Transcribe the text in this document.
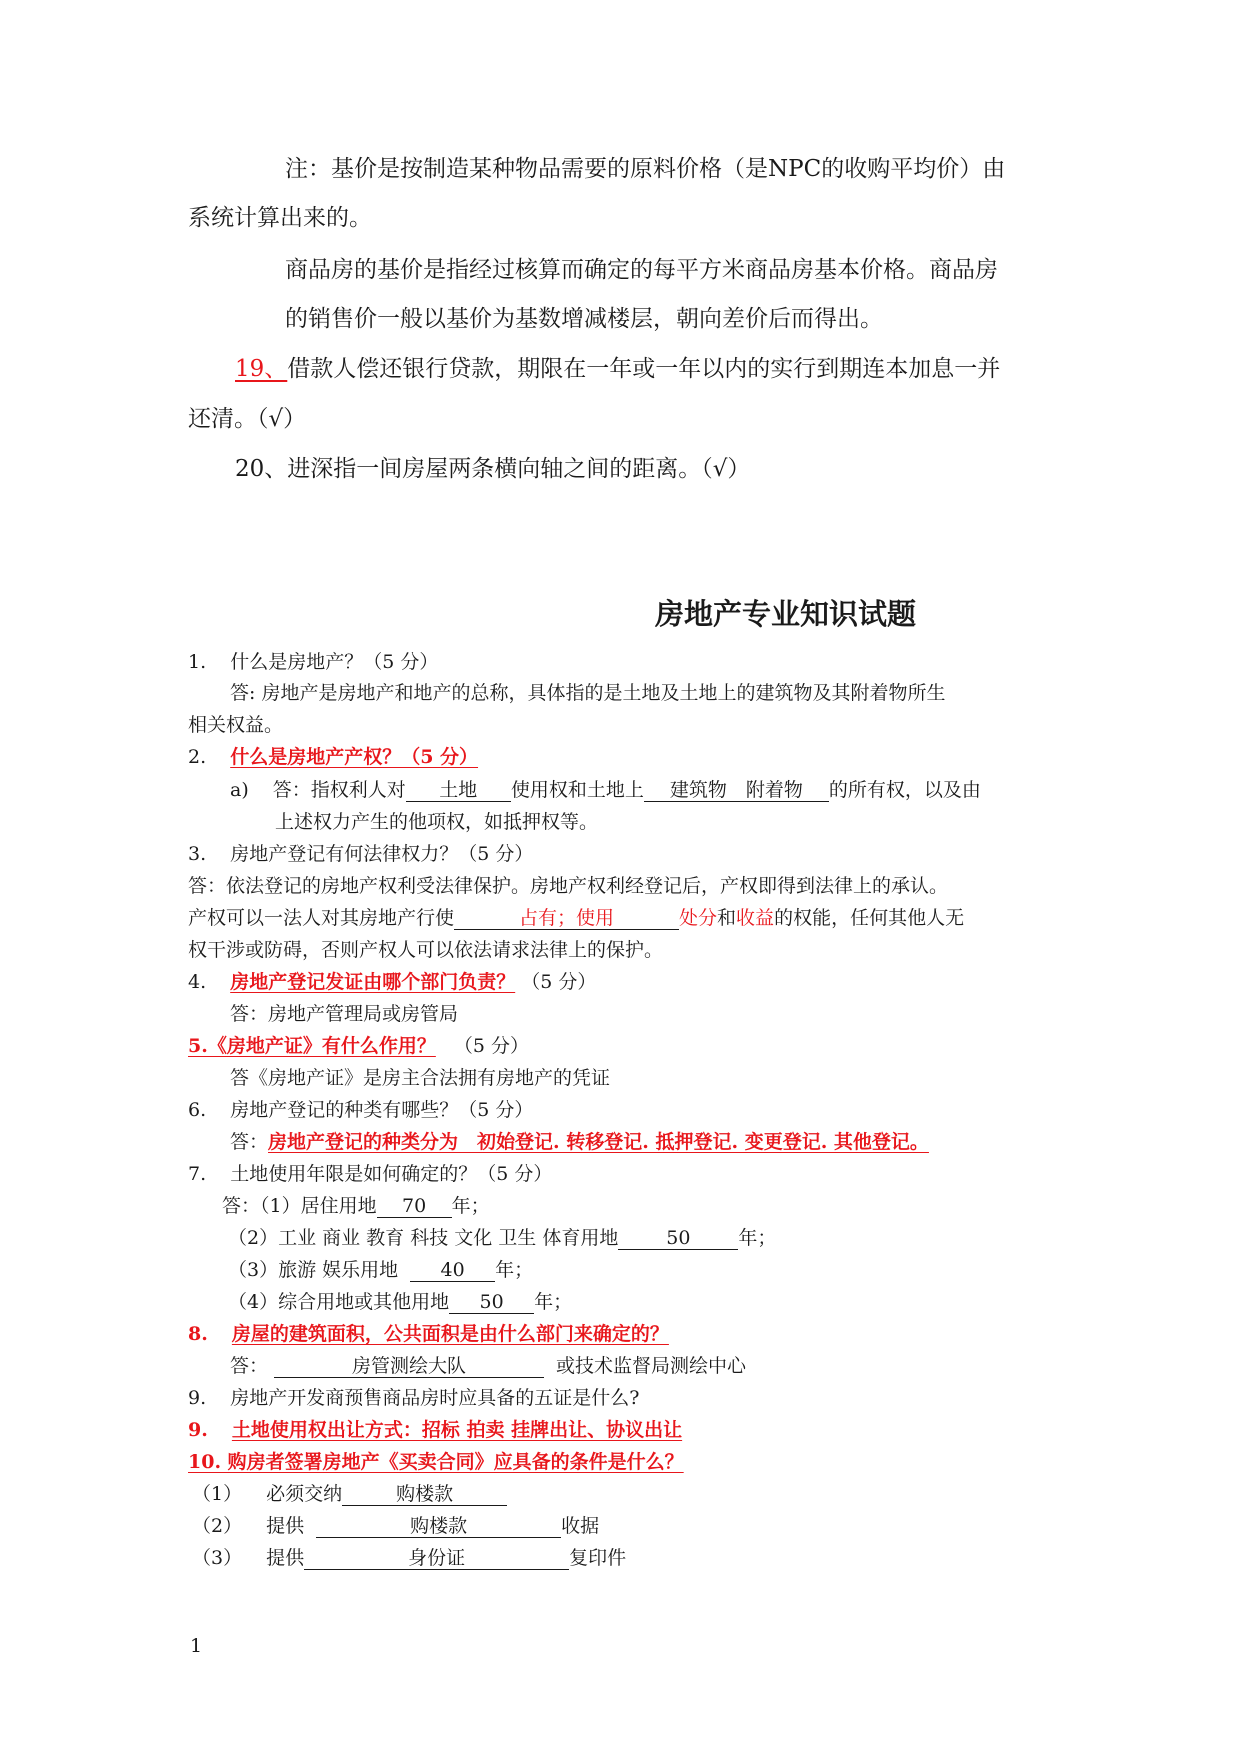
注：基价是按制造某种物品需要的原料价格（是NPC的收购平均价）由
系统计算出来的。
商品房的基价是指经过核算而确定的每平方米商品房基本价格。商品房
的销售价一般以基价为基数增减楼层，朝向差价后而得出。
19、借款人偿还银行贷款，期限在一年或一年以内的实行到期连本加息一并
还清。（√）
20、进深指一间房屋两条横向轴之间的距离。（√）
房地产专业知识试题
1. 什么是房地产？（5 分）
答: 房地产是房地产和地产的总称，具体指的是土地及土地上的建筑物及其附着物所生
相关权益。
2. 什么是房地产产权？（5 分）
a) 答：指权利人对 土地 使用权和土地上 建筑物　附着物 的所有权，以及由
上述权力产生的他项权，如抵押权等。
3. 房地产登记有何法律权力？（5 分）
答：依法登记的房地产权利受法律保护。房地产权利经登记后，产权即得到法律上的承认。
产权可以一法人对其房地产行使	占有；使用	处分和收益的权能，任何其他人无
权干涉或防碍，否则产权人可以依法请求法律上的保护。
4. 房地产登记发证由哪个部门负责？ （5 分）
答：房地产管理局或房管局
5.《房地产证》有什么作用？ （5 分）
答《房地产证》是房主合法拥有房地产的凭证
6. 房地产登记的种类有哪些？（5 分）
答：房地产登记的种类分为　初始登记. 转移登记. 抵押登记. 变更登记. 其他登记。
7. 土地使用年限是如何确定的？（5 分）
答：（1）居住用地 70 年；
（2）工业 商业 教育 科技 文化 卫生 体育用地	50	年；
（3）旅游 娱乐用地 40 年；
（4）综合用地或其他用地 50 年；
8. 房屋的建筑面积，公共面积是由什么部门来确定的？
答：	房管测绘大队	或技术监督局测绘中心
9. 房地产开发商预售商品房时应具备的五证是什么?
9. 土地使用权出让方式：招标 拍卖 挂牌出让、协议出让
10. 购房者签署房地产《买卖合同》应具备的条件是什么？
（1） 必须交纳	购楼款
（2） 提供	购楼款	收据
（3） 提供	身份证	复印件
1
